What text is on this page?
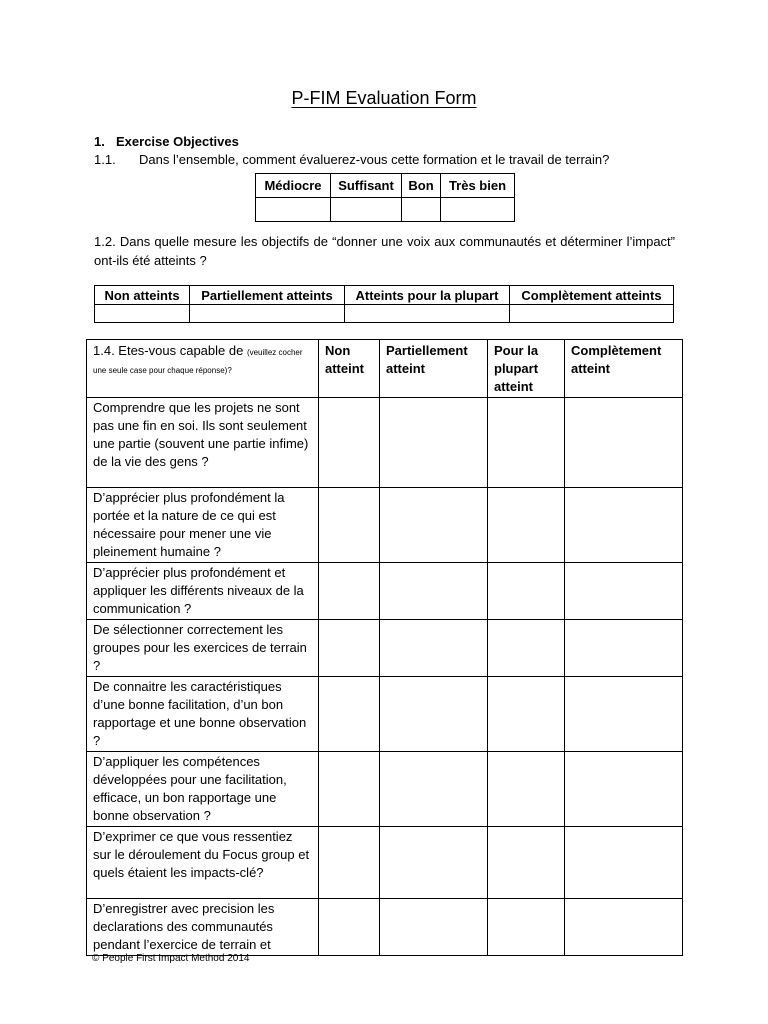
P-FIM Evaluation Form
1. Exercise Objectives
1.1. Dans l’ensemble, comment évaluerez-vous cette formation et le travail de terrain?
Médiocre	Suffisant	Bon	Très bien

1.2. Dans quelle mesure les objectifs de “donner une voix aux communautés et déterminer l’impact” ont-ils été atteints ?
Non atteints	Partiellement atteints	Atteints pour la plupart	Complètement atteints

1.4. Etes-vous capable de (veuillez cocher une seule case pour chaque réponse)?	Non atteint	Partiellement atteint	Pour la plupart atteint	Complètement atteint
Comprendre que les projets ne sont pas une fin en soi. Ils sont seulement une partie (souvent une partie infime) de la vie des gens ?				
D’apprécier plus profondément la portée et la nature de ce qui est nécessaire pour mener une vie pleinement humaine ?				
D’apprécier plus profondément et appliquer les différents niveaux de la communication ?				
De sélectionner correctement les groupes pour les exercices de terrain ?				
De connaitre les caractéristiques d’une bonne facilitation, d’un bon rapportage et une bonne observation ?				
D’appliquer les compétences développées pour une facilitation, efficace, un bon rapportage une bonne observation ?				
D’exprimer ce que vous ressentiez sur le déroulement du Focus group et quels étaient les impacts-clé?				
D’enregistrer avec precision les declarations des communautés pendant l’exercice de terrain et				
© People First Impact Method 2014
